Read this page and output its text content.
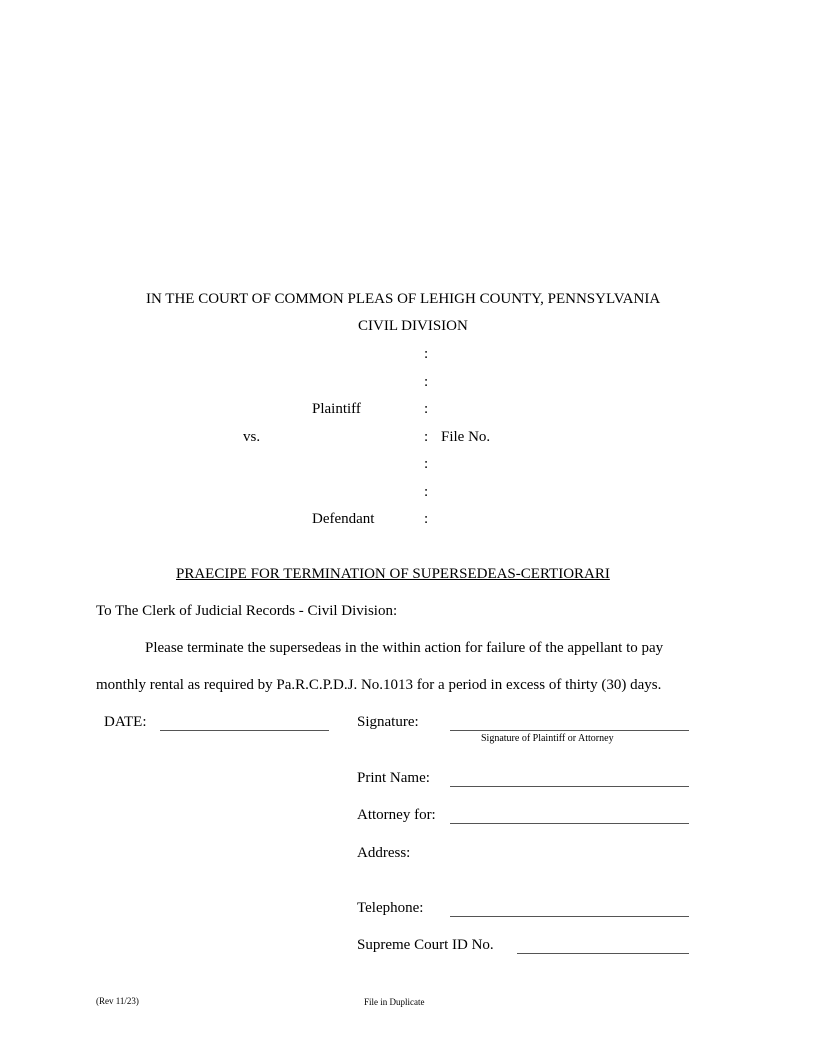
IN THE COURT OF COMMON PLEAS OF LEHIGH COUNTY, PENNSYLVANIA
CIVIL DIVISION
:
:
Plaintiff	:
vs.	: File No.
:
:
Defendant	:
PRAECIPE FOR TERMINATION OF SUPERSEDEAS-CERTIORARI
To The Clerk of Judicial Records - Civil Division:
Please terminate the supersedeas in the within action for failure of the appellant to pay
monthly rental as required by Pa.R.C.P.D.J. No.1013 for a period in excess of thirty (30) days.
DATE:	Signature:
Signature of Plaintiff or Attorney
Print Name:
Attorney for:
Address:
Telephone:
Supreme Court ID No.
(Rev 11/23)	File in Duplicate
